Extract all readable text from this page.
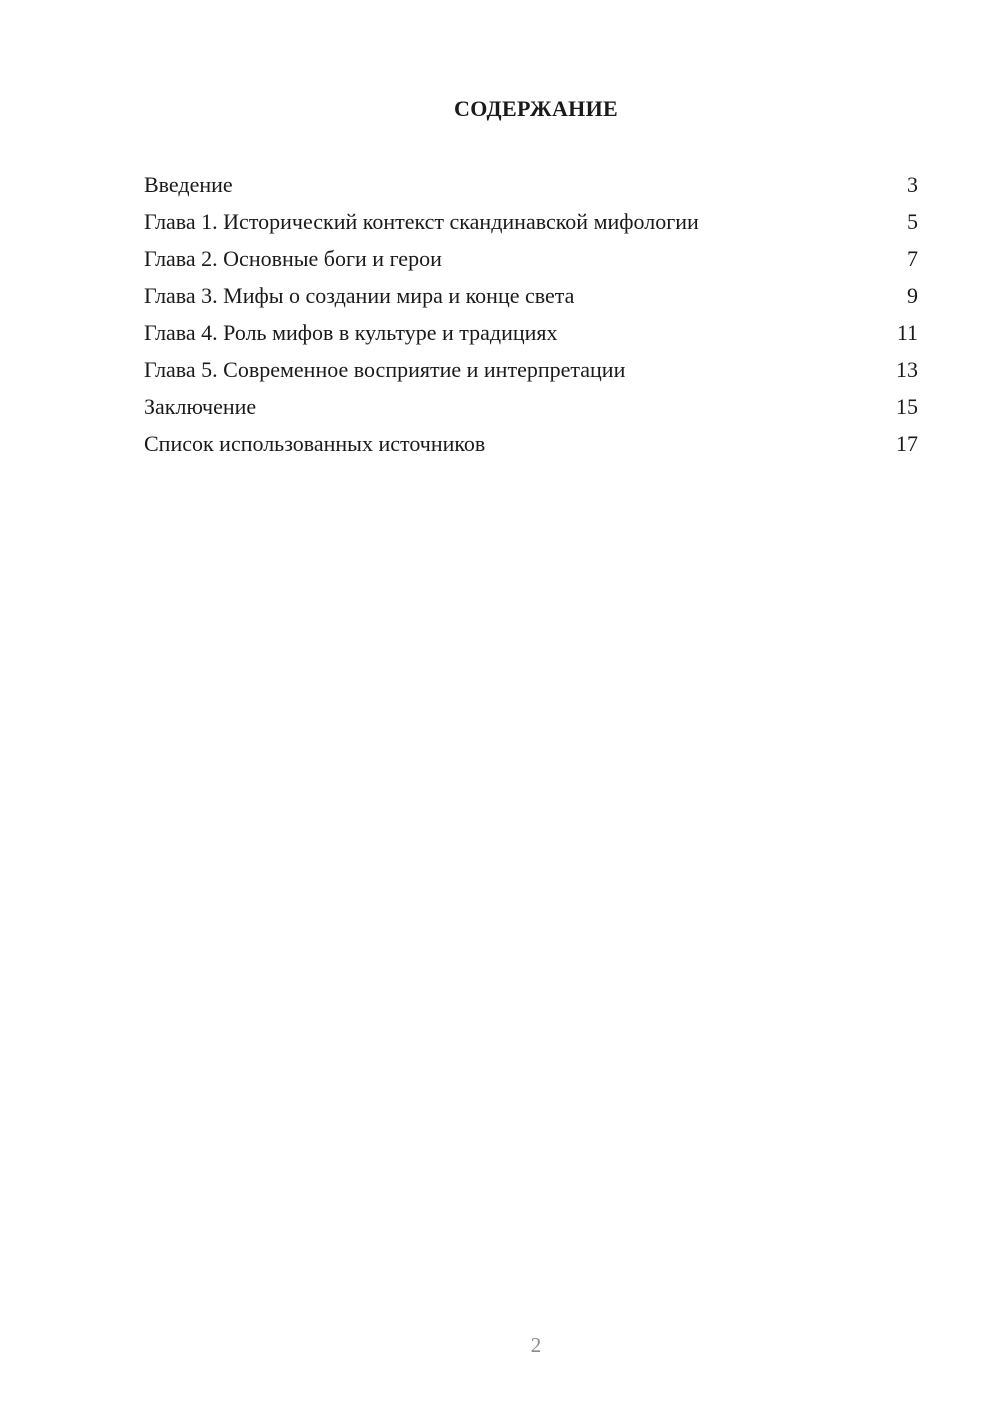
СОДЕРЖАНИЕ
Введение	3
Глава 1. Исторический контекст скандинавской мифологии	5
Глава 2. Основные боги и герои	7
Глава 3. Мифы о создании мира и конце света	9
Глава 4. Роль мифов в культуре и традициях	11
Глава 5. Современное восприятие и интерпретации	13
Заключение	15
Список использованных источников	17
2
